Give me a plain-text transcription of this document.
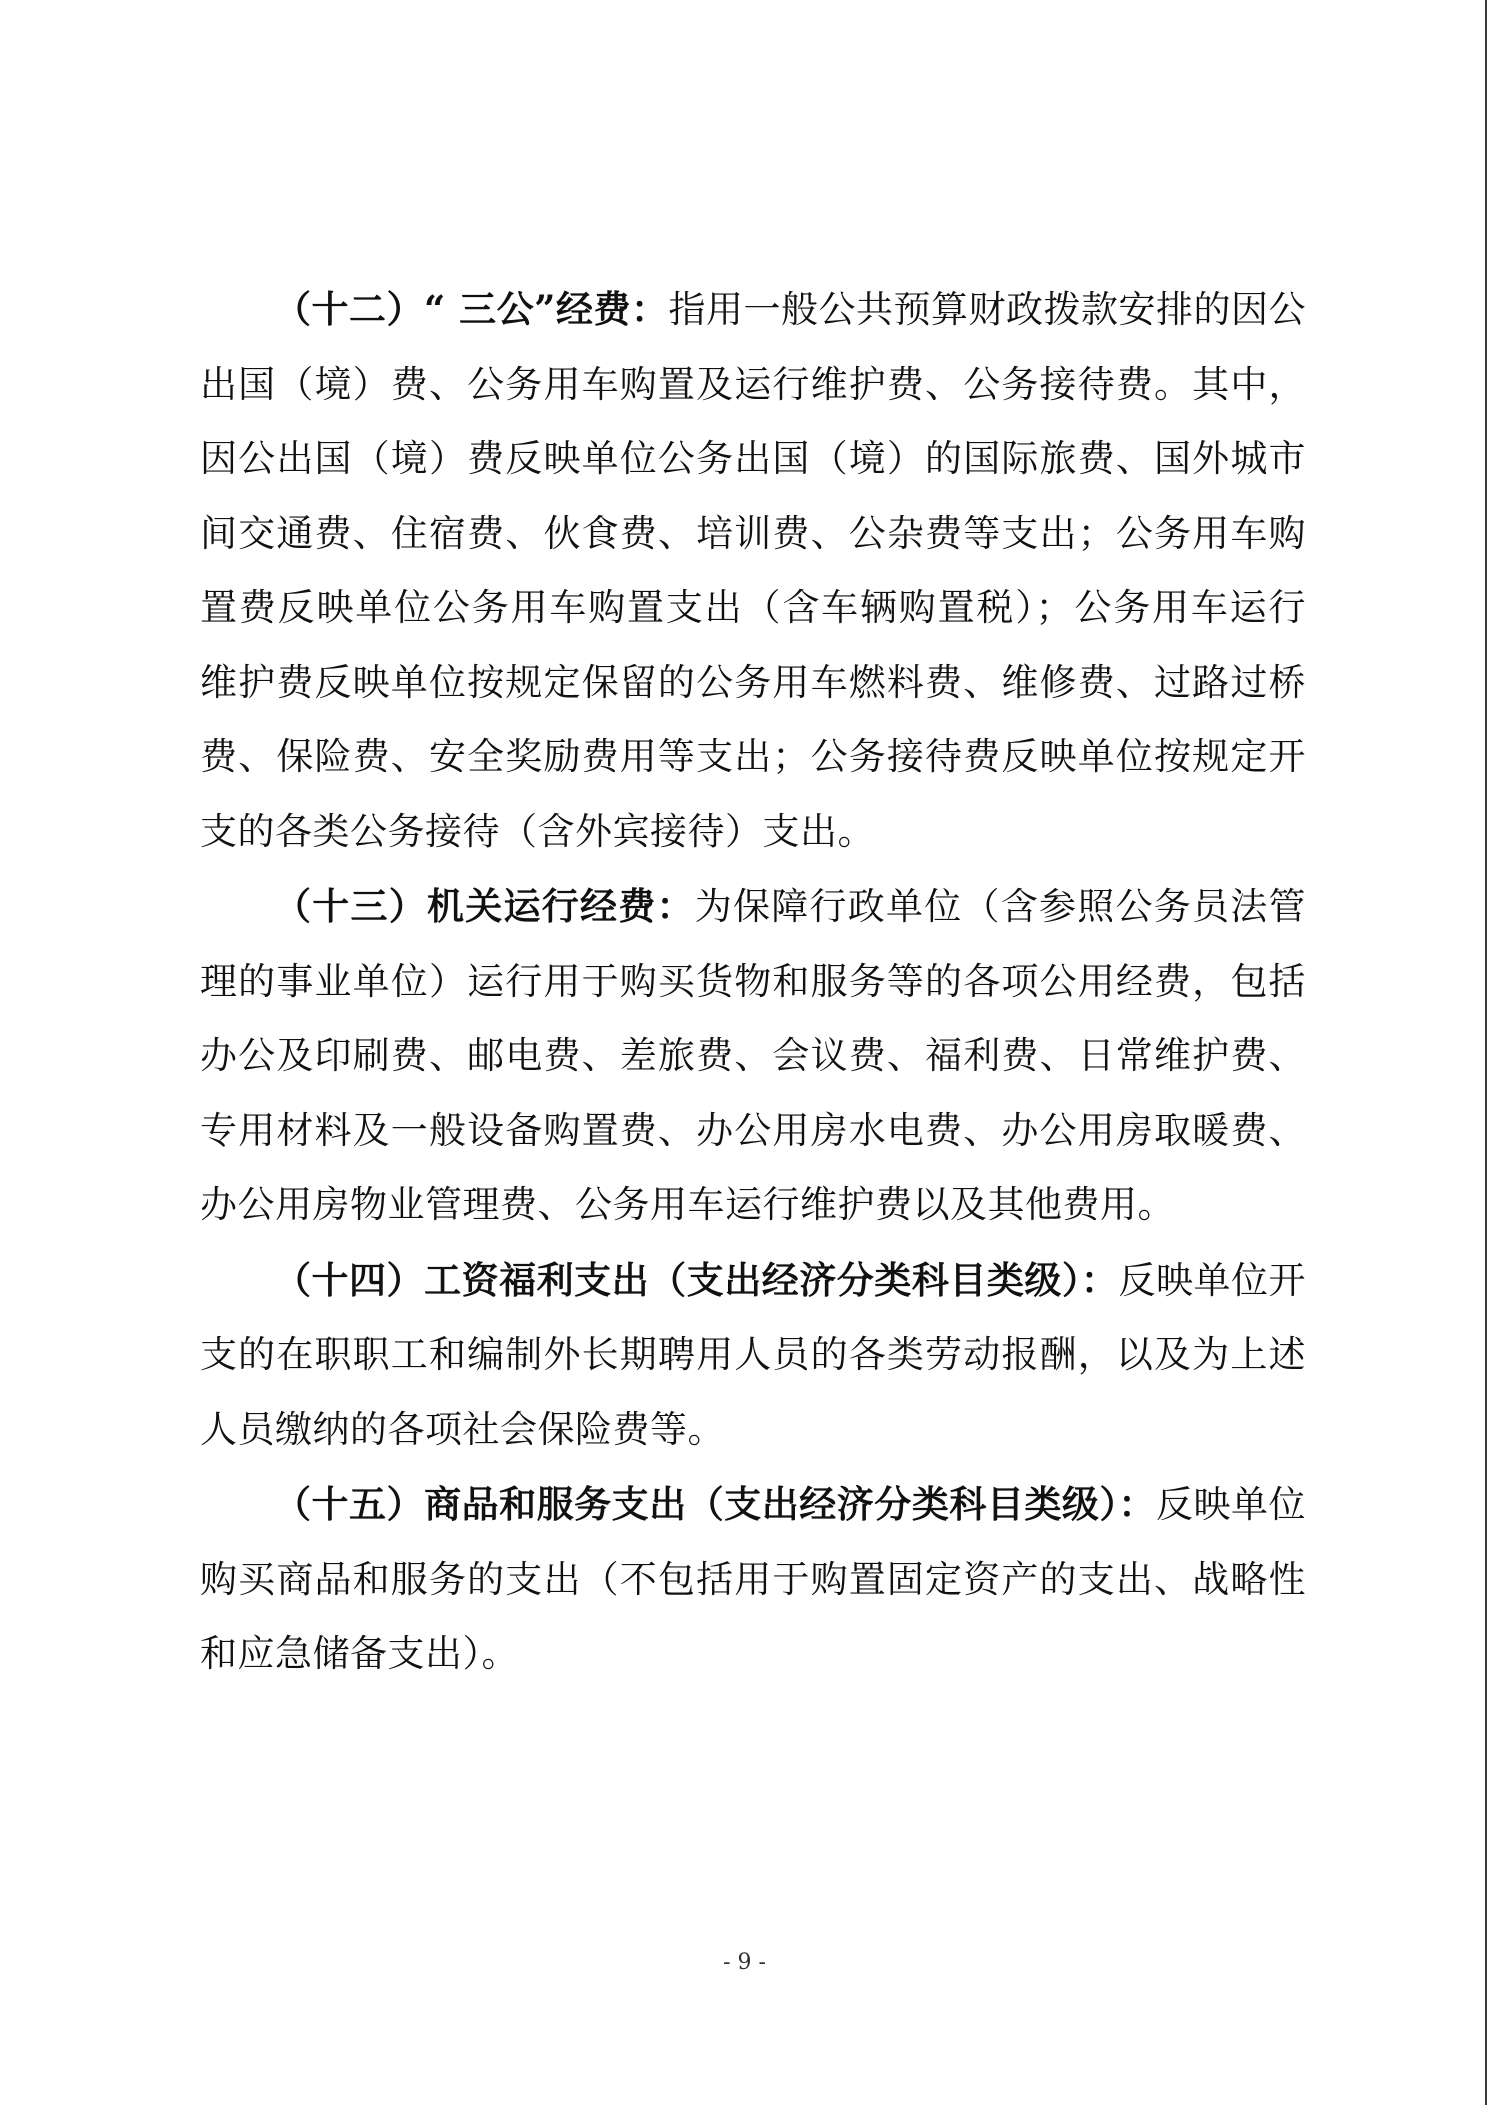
（十二）“ 三公”经费：指用一般公共预算财政拨款安排的因公出国（境）费、公务用车购置及运行维护费、公务接待费。其中，因公出国（境）费反映单位公务出国（境）的国际旅费、国外城市间交通费、住宿费、伙食费、培训费、公杂费等支出；公务用车购置费反映单位公务用车购置支出（含车辆购置税）；公务用车运行维护费反映单位按规定保留的公务用车燃料费、维修费、过路过桥费、保险费、安全奖励费用等支出；公务接待费反映单位按规定开支的各类公务接待（含外宾接待）支出。

（十三）机关运行经费：为保障行政单位（含参照公务员法管理的事业单位）运行用于购买货物和服务等的各项公用经费，包括办公及印刷费、邮电费、差旅费、会议费、福利费、日常维护费、专用材料及一般设备购置费、办公用房水电费、办公用房取暖费、办公用房物业管理费、公务用车运行维护费以及其他费用。

（十四）工资福利支出（支出经济分类科目类级）：反映单位开支的在职职工和编制外长期聘用人员的各类劳动报酬，以及为上述人员缴纳的各项社会保险费等。

（十五）商品和服务支出（支出经济分类科目类级）：反映单位购买商品和服务的支出（不包括用于购置固定资产的支出、战略性和应急储备支出）。

- 9 -
